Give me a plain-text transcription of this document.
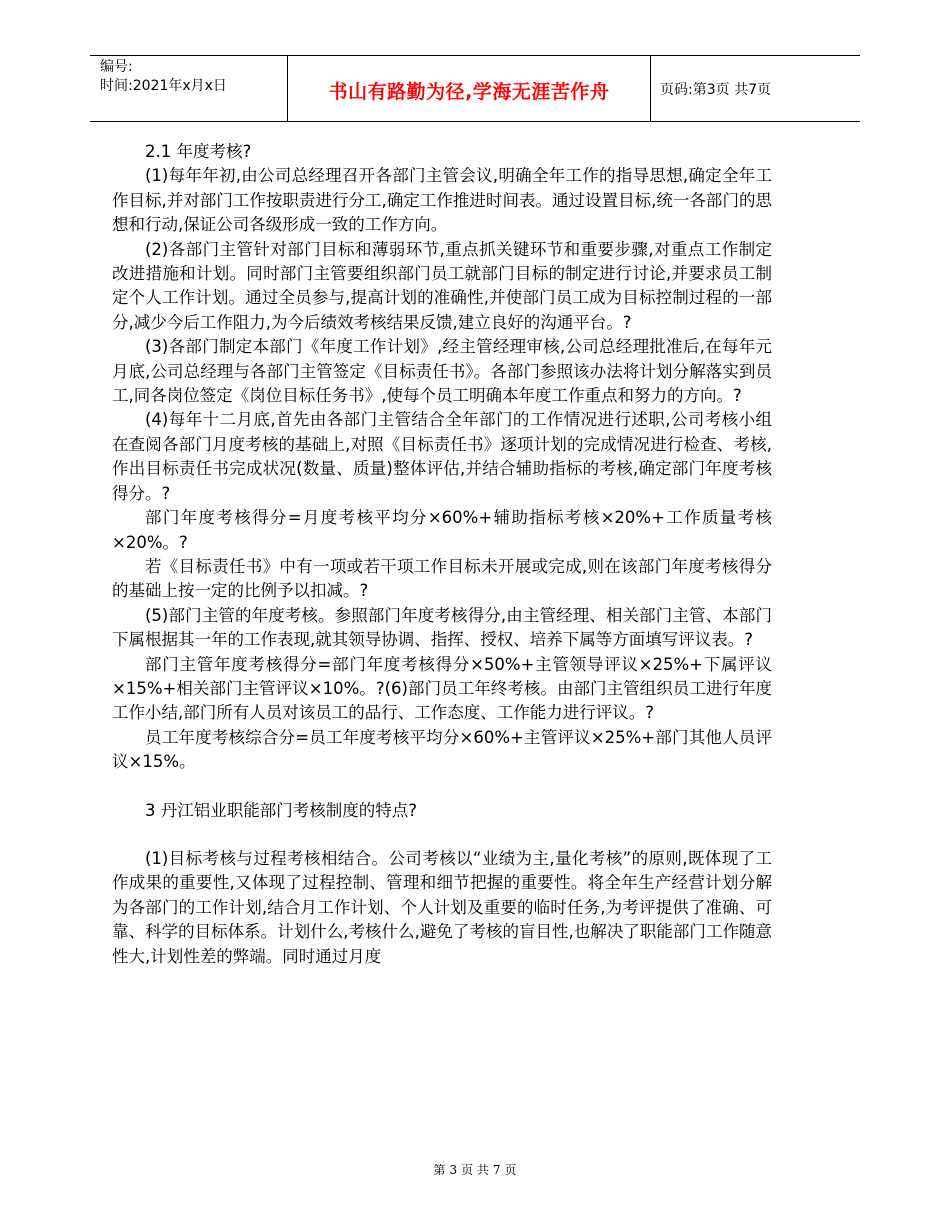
编号:
时间:2021年x月x日	书山有路勤为径,学海无涯苦作舟	页码:第3页 共7页

2.1 年度考核?

(1)每年年初,由公司总经理召开各部门主管会议,明确全年工作的指导思想,确定全年工作目标,并对部门工作按职责进行分工,确定工作推进时间表。通过设置目标,统一各部门的思想和行动,保证公司各级形成一致的工作方向。

(2)各部门主管针对部门目标和薄弱环节,重点抓关键环节和重要步骤,对重点工作制定改进措施和计划。同时部门主管要组织部门员工就部门目标的制定进行讨论,并要求员工制定个人工作计划。通过全员参与,提高计划的准确性,并使部门员工成为目标控制过程的一部分,减少今后工作阻力,为今后绩效考核结果反馈,建立良好的沟通平台。?

(3)各部门制定本部门《年度工作计划》,经主管经理审核,公司总经理批准后,在每年元月底,公司总经理与各部门主管签定《目标责任书》。各部门参照该办法将计划分解落实到员工,同各岗位签定《岗位目标任务书》,使每个员工明确本年度工作重点和努力的方向。?

(4)每年十二月底,首先由各部门主管结合全年部门的工作情况进行述职,公司考核小组在查阅各部门月度考核的基础上,对照《目标责任书》逐项计划的完成情况进行检查、考核,作出目标责任书完成状况(数量、质量)整体评估,并结合辅助指标的考核,确定部门年度考核得分。?

部门年度考核得分=月度考核平均分×60%+辅助指标考核×20%+工作质量考核×20%。?

若《目标责任书》中有一项或若干项工作目标未开展或完成,则在该部门年度考核得分的基础上按一定的比例予以扣减。?

(5)部门主管的年度考核。参照部门年度考核得分,由主管经理、相关部门主管、本部门下属根据其一年的工作表现,就其领导协调、指挥、授权、培养下属等方面填写评议表。?

部门主管年度考核得分=部门年度考核得分×50%+主管领导评议×25%+下属评议×15%+相关部门主管评议×10%。?(6)部门员工年终考核。由部门主管组织员工进行年度工作小结,部门所有人员对该员工的品行、工作态度、工作能力进行评议。?

员工年度考核综合分=员工年度考核平均分×60%+主管评议×25%+部门其他人员评议×15%。

3 丹江铝业职能部门考核制度的特点?

(1)目标考核与过程考核相结合。公司考核以“业绩为主,量化考核”的原则,既体现了工作成果的重要性,又体现了过程控制、管理和细节把握的重要性。将全年生产经营计划分解为各部门的工作计划,结合月工作计划、个人计划及重要的临时任务,为考评提供了准确、可靠、科学的目标体系。计划什么,考核什么,避免了考核的盲目性,也解决了职能部门工作随意性大,计划性差的弊端。同时通过月度

第 3 页 共 7 页
